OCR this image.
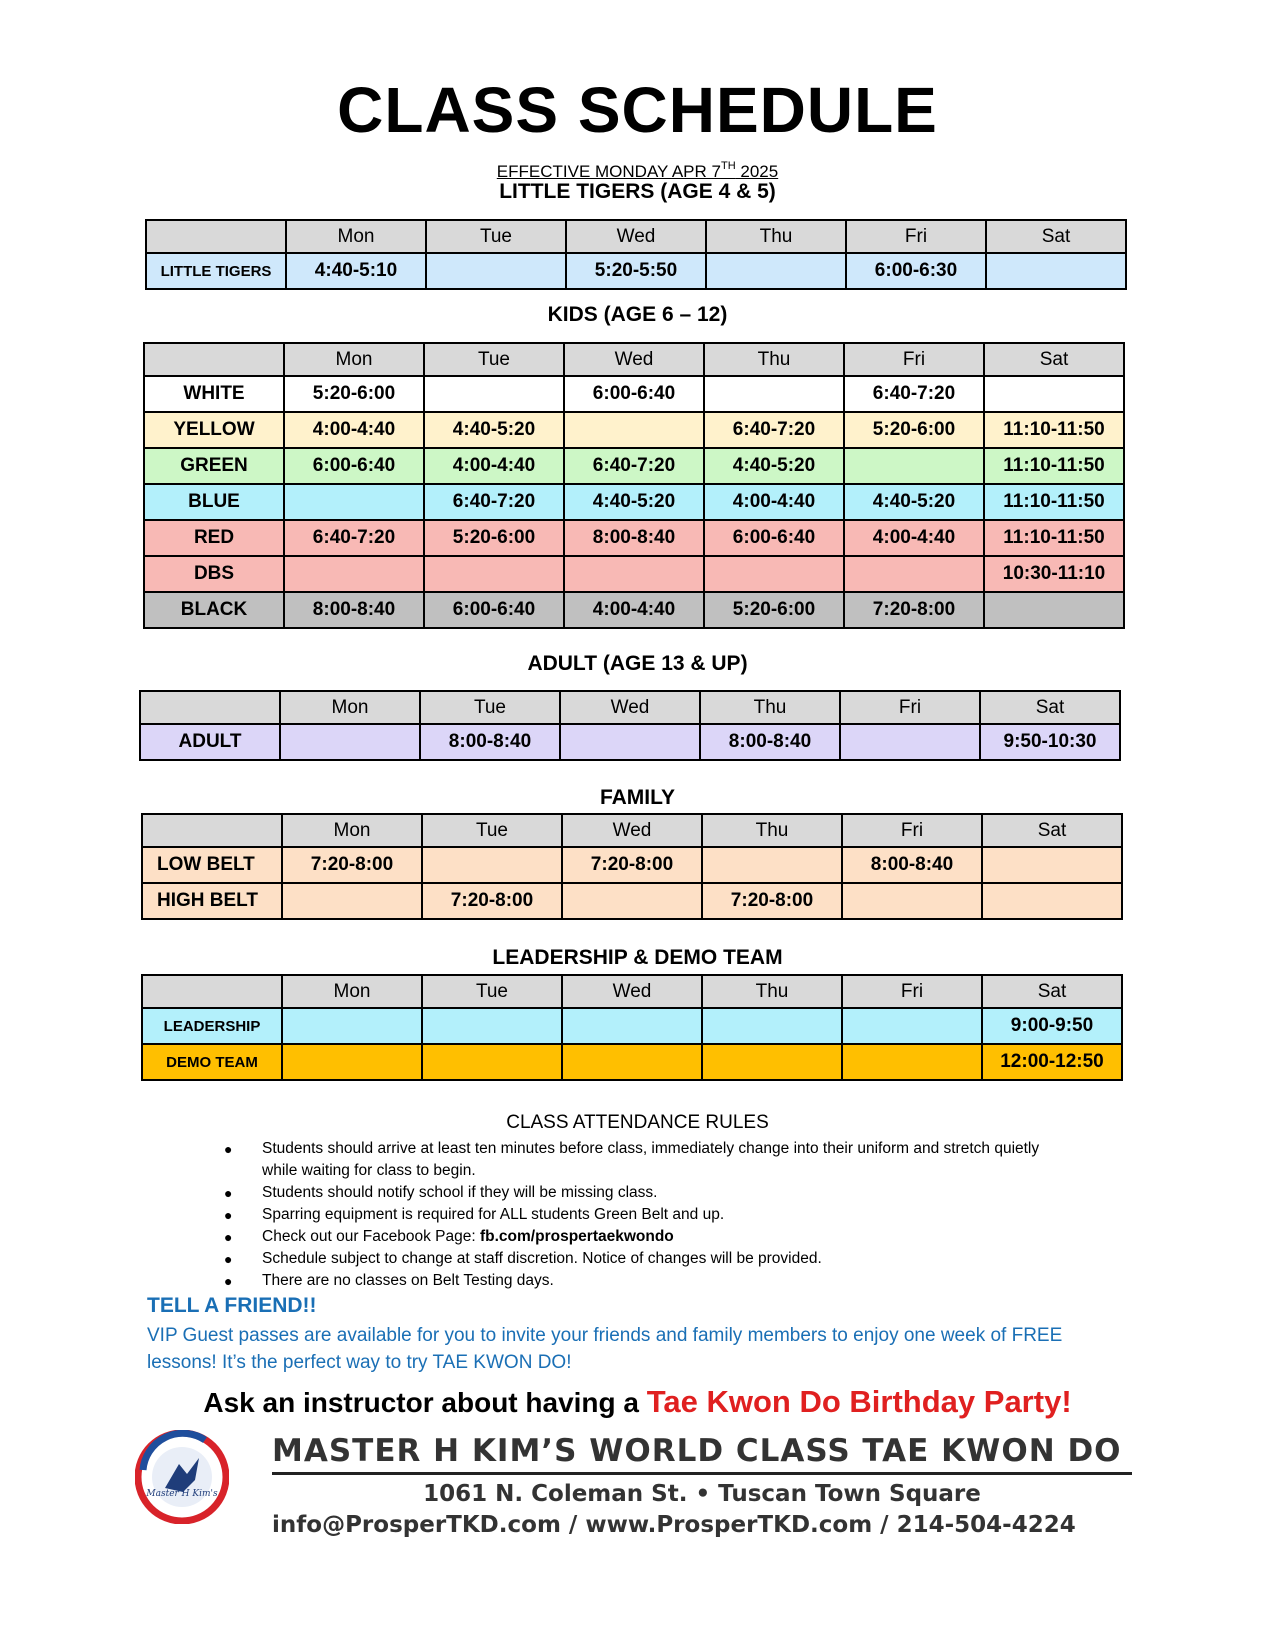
CLASS SCHEDULE
EFFECTIVE MONDAY APR 7TH 2025
LITTLE TIGERS (AGE 4 & 5)
	Mon	Tue	Wed	Thu	Fri	Sat
LITTLE TIGERS	4:40-5:10		5:20-5:50		6:00-6:30	
KIDS (AGE 6 – 12)
	Mon	Tue	Wed	Thu	Fri	Sat
WHITE	5:20-6:00		6:00-6:40		6:40-7:20	
YELLOW	4:00-4:40	4:40-5:20		6:40-7:20	5:20-6:00	11:10-11:50
GREEN	6:00-6:40	4:00-4:40	6:40-7:20	4:40-5:20		11:10-11:50
BLUE		6:40-7:20	4:40-5:20	4:00-4:40	4:40-5:20	11:10-11:50
RED	6:40-7:20	5:20-6:00	8:00-8:40	6:00-6:40	4:00-4:40	11:10-11:50
DBS						10:30-11:10
BLACK	8:00-8:40	6:00-6:40	4:00-4:40	5:20-6:00	7:20-8:00	
ADULT (AGE 13 & UP)
	Mon	Tue	Wed	Thu	Fri	Sat
ADULT		8:00-8:40		8:00-8:40		9:50-10:30
FAMILY
	Mon	Tue	Wed	Thu	Fri	Sat
LOW BELT	7:20-8:00		7:20-8:00		8:00-8:40	
HIGH BELT		7:20-8:00		7:20-8:00		
LEADERSHIP & DEMO TEAM
	Mon	Tue	Wed	Thu	Fri	Sat
LEADERSHIP						9:00-9:50
DEMO TEAM						12:00-12:50
CLASS ATTENDANCE RULES
● Students should arrive at least ten minutes before class, immediately change into their uniform and stretch quietly while waiting for class to begin.
● Students should notify school if they will be missing class.
● Sparring equipment is required for ALL students Green Belt and up.
● Check out our Facebook Page: fb.com/prospertaekwondo
● Schedule subject to change at staff discretion. Notice of changes will be provided.
● There are no classes on Belt Testing days.
TELL A FRIEND!!
VIP Guest passes are available for you to invite your friends and family members to enjoy one week of FREE lessons! It’s the perfect way to try TAE KWON DO!
Ask an instructor about having a Tae Kwon Do Birthday Party!
Master H Kim's
MASTER H KIM’S WORLD CLASS TAE KWON DO
1061 N. Coleman St. • Tuscan Town Square
info@ProsperTKD.com / www.ProsperTKD.com / 214-504-4224
